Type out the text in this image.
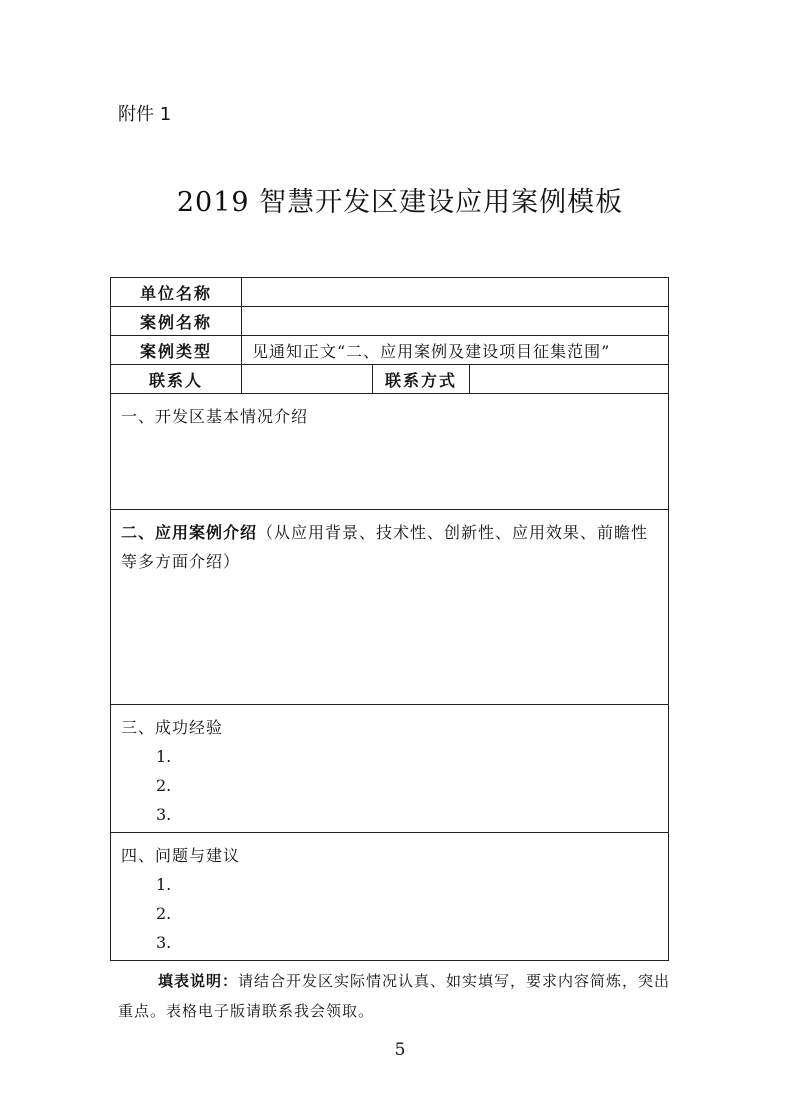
附件 1
2019 智慧开发区建设应用案例模板
单位名称			
案例名称			
案例类型	见通知正文“二、应用案例及建设项目征集范围”		
联系人		联系方式	

一、开发区基本情况介绍			

二、应用案例介绍（从应用背景、技术性、创新性、应用效果、前瞻性等多方面介绍）			

三、成功经验
1.
2.
3.			

四、问题与建议
1.
2.
3.			
填表说明：请结合开发区实际情况认真、如实填写，要求内容简炼，突出重点。表格电子版请联系我会领取。
5
